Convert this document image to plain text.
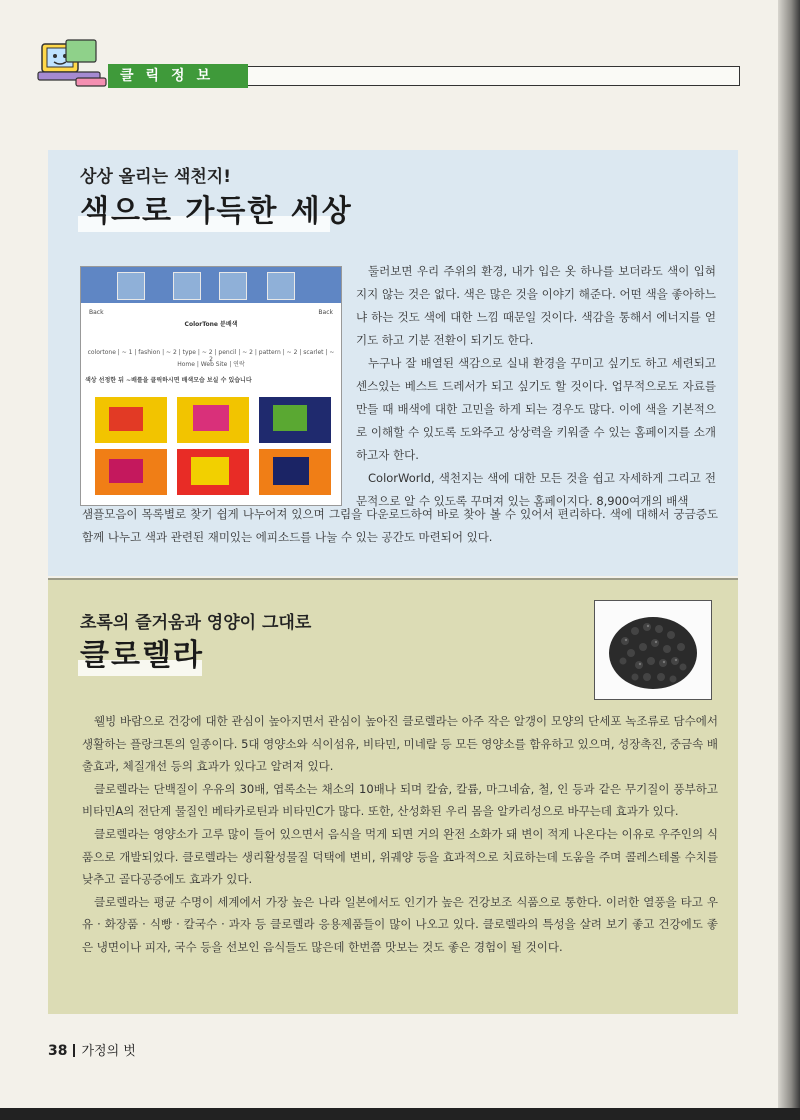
클릭정보
상상 올리는 색천지!
색으로 가득한 세상
Back	Back
ColorTone 분배색
colortone | ~ 1 | fashion | ~ 2 | type | ~ 2 | pencil | ~ 2 | pattern | ~ 2 | scarlet | ~ 2
Home | Web Site | 연락
색상 선정한 뒤 ~배를을 클릭하시면 배색모습 보실 수 있습니다

둘러보면 우리 주위의 환경, 내가 입은 옷 하나를 보더라도 색이 입혀지지 않는 것은 없다. 색은 많은 것을 이야기 해준다. 어떤 색을 좋아하느냐 하는 것도 색에 대한 느낌 때문일 것이다. 색감을 통해서 에너지를 얻기도 하고 기분 전환이 되기도 한다.

누구나 잘 배열된 색감으로 실내 환경을 꾸미고 싶기도 하고 세련되고 센스있는 베스트 드레서가 되고 싶기도 할 것이다. 업무적으로도 자료를 만들 때 배색에 대한 고민을 하게 되는 경우도 많다. 이에 색을 기본적으로 이해할 수 있도록 도와주고 상상력을 키워줄 수 있는 홈페이지를 소개하고자 한다.

ColorWorld, 색천지는 색에 대한 모든 것을 쉽고 자세하게 그리고 전문적으로 알 수 있도록 꾸며져 있는 홈페이지다. 8,900여개의 배색

샘플모음이 목록별로 찾기 쉽게 나누어져 있으며 그림을 다운로드하여 바로 찾아 볼 수 있어서 편리하다. 색에 대해서 궁금증도 함께 나누고 색과 관련된 재미있는 에피소드를 나눌 수 있는 공간도 마련되어 있다.

초록의 즐거움과 영양이 그대로
클로렐라

웰빙 바람으로 건강에 대한 관심이 높아지면서 관심이 높아진 클로렐라는 아주 작은 알갱이 모양의 단세포 녹조류로 담수에서 생활하는 플랑크톤의 일종이다. 5대 영양소와 식이섬유, 비타민, 미네랄 등 모든 영양소를 함유하고 있으며, 성장촉진, 중금속 배출효과, 체질개선 등의 효과가 있다고 알려져 있다.

클로렐라는 단백질이 우유의 30배, 엽록소는 채소의 10배나 되며 칼슘, 칼륨, 마그네슘, 철, 인 등과 같은 무기질이 풍부하고 비타민A의 전단계 물질인 베타카로틴과 비타민C가 많다. 또한, 산성화된 우리 몸을 알카리성으로 바꾸는데 효과가 있다.

클로렐라는 영양소가 고루 많이 들어 있으면서 음식을 먹게 되면 거의 완전 소화가 돼 변이 적게 나온다는 이유로 우주인의 식품으로 개발되었다. 클로렐라는 생리활성물질 덕택에 변비, 위궤양 등을 효과적으로 치료하는데 도움을 주며 콜레스테롤 수치를 낮추고 골다공증에도 효과가 있다.

클로렐라는 평균 수명이 세계에서 가장 높은 나라 일본에서도 인기가 높은 건강보조 식품으로 통한다. 이러한 열풍을 타고 우유 · 화장품 · 식빵 · 칼국수 · 과자 등 클로렐라 응용제품들이 많이 나오고 있다. 클로렐라의 특성을 살려 보기 좋고 건강에도 좋은 냉면이나 피자, 국수 등을 선보인 음식들도 많은데 한번쯤 맛보는 것도 좋은 경험이 될 것이다.

38 가정의 벗
